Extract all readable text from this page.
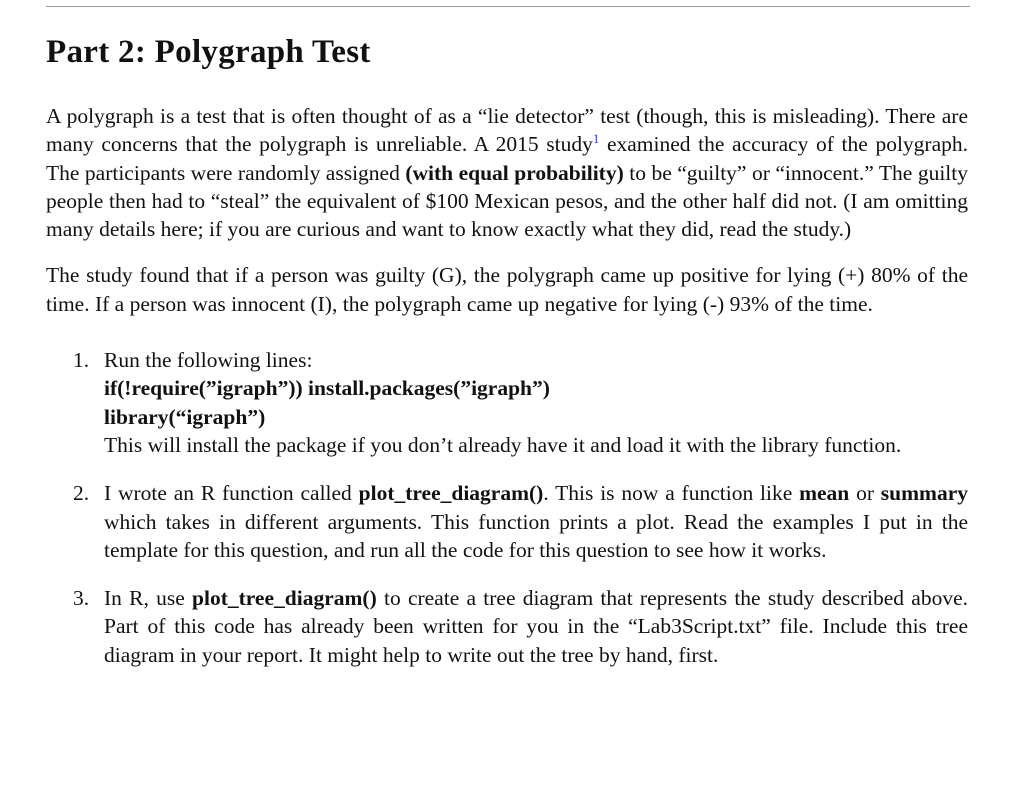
Part 2: Polygraph Test

A polygraph is a test that is often thought of as a “lie detector” test (though, this is misleading). There are many concerns that the polygraph is unreliable. A 2015 study$^1$ examined the accuracy of the polygraph. The participants were randomly assigned (with equal probability) to be “guilty” or “innocent.” The guilty people then had to “steal” the equivalent of $100 Mexican pesos, and the other half did not. (I am omitting many details here; if you are curious and want to know exactly what they did, read the study.)

The study found that if a person was guilty (G), the polygraph came up positive for lying (+) 80% of the time. If a person was innocent (I), the polygraph came up negative for lying (-) 93% of the time.

1. Run the following lines:
if(!require(”igraph”)) install.packages(”igraph”)
library(“igraph”)
This will install the package if you don’t already have it and load it with the library function.
2. I wrote an R function called plot_tree_diagram(). This is now a function like mean or summary which takes in different arguments. This function prints a plot. Read the examples I put in the template for this question, and run all the code for this question to see how it works.
3. In R, use plot_tree_diagram() to create a tree diagram that represents the study described above. Part of this code has already been written for you in the “Lab3Script.txt” file. Include this tree diagram in your report. It might help to write out the tree by hand, first.
